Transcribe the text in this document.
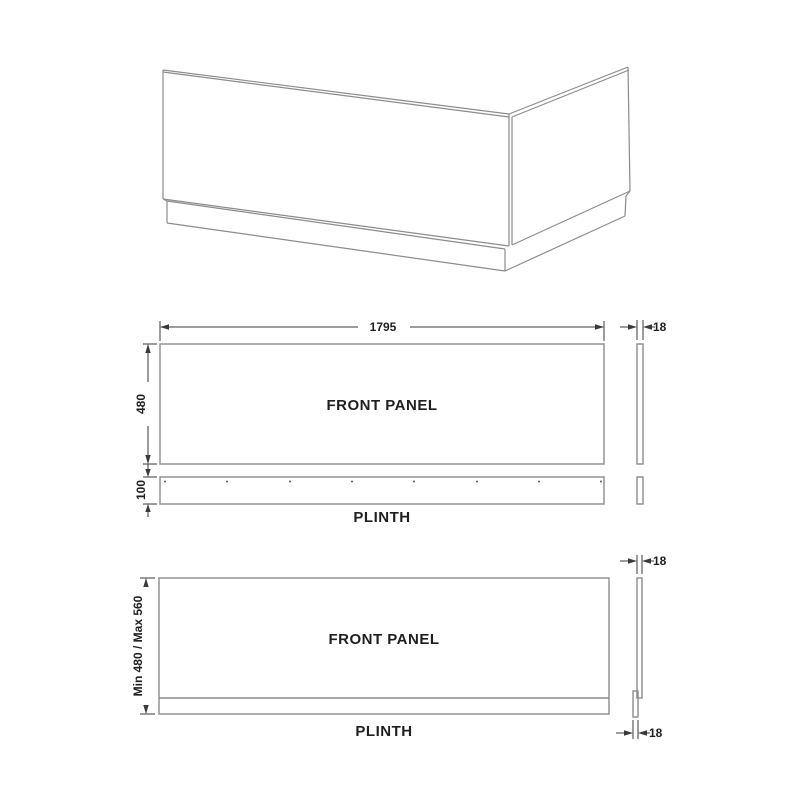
FRONT PANEL
1795
480
18
PLINTH
100
FRONT PANEL
PLINTH
Min 480 / Max 560
18
18
